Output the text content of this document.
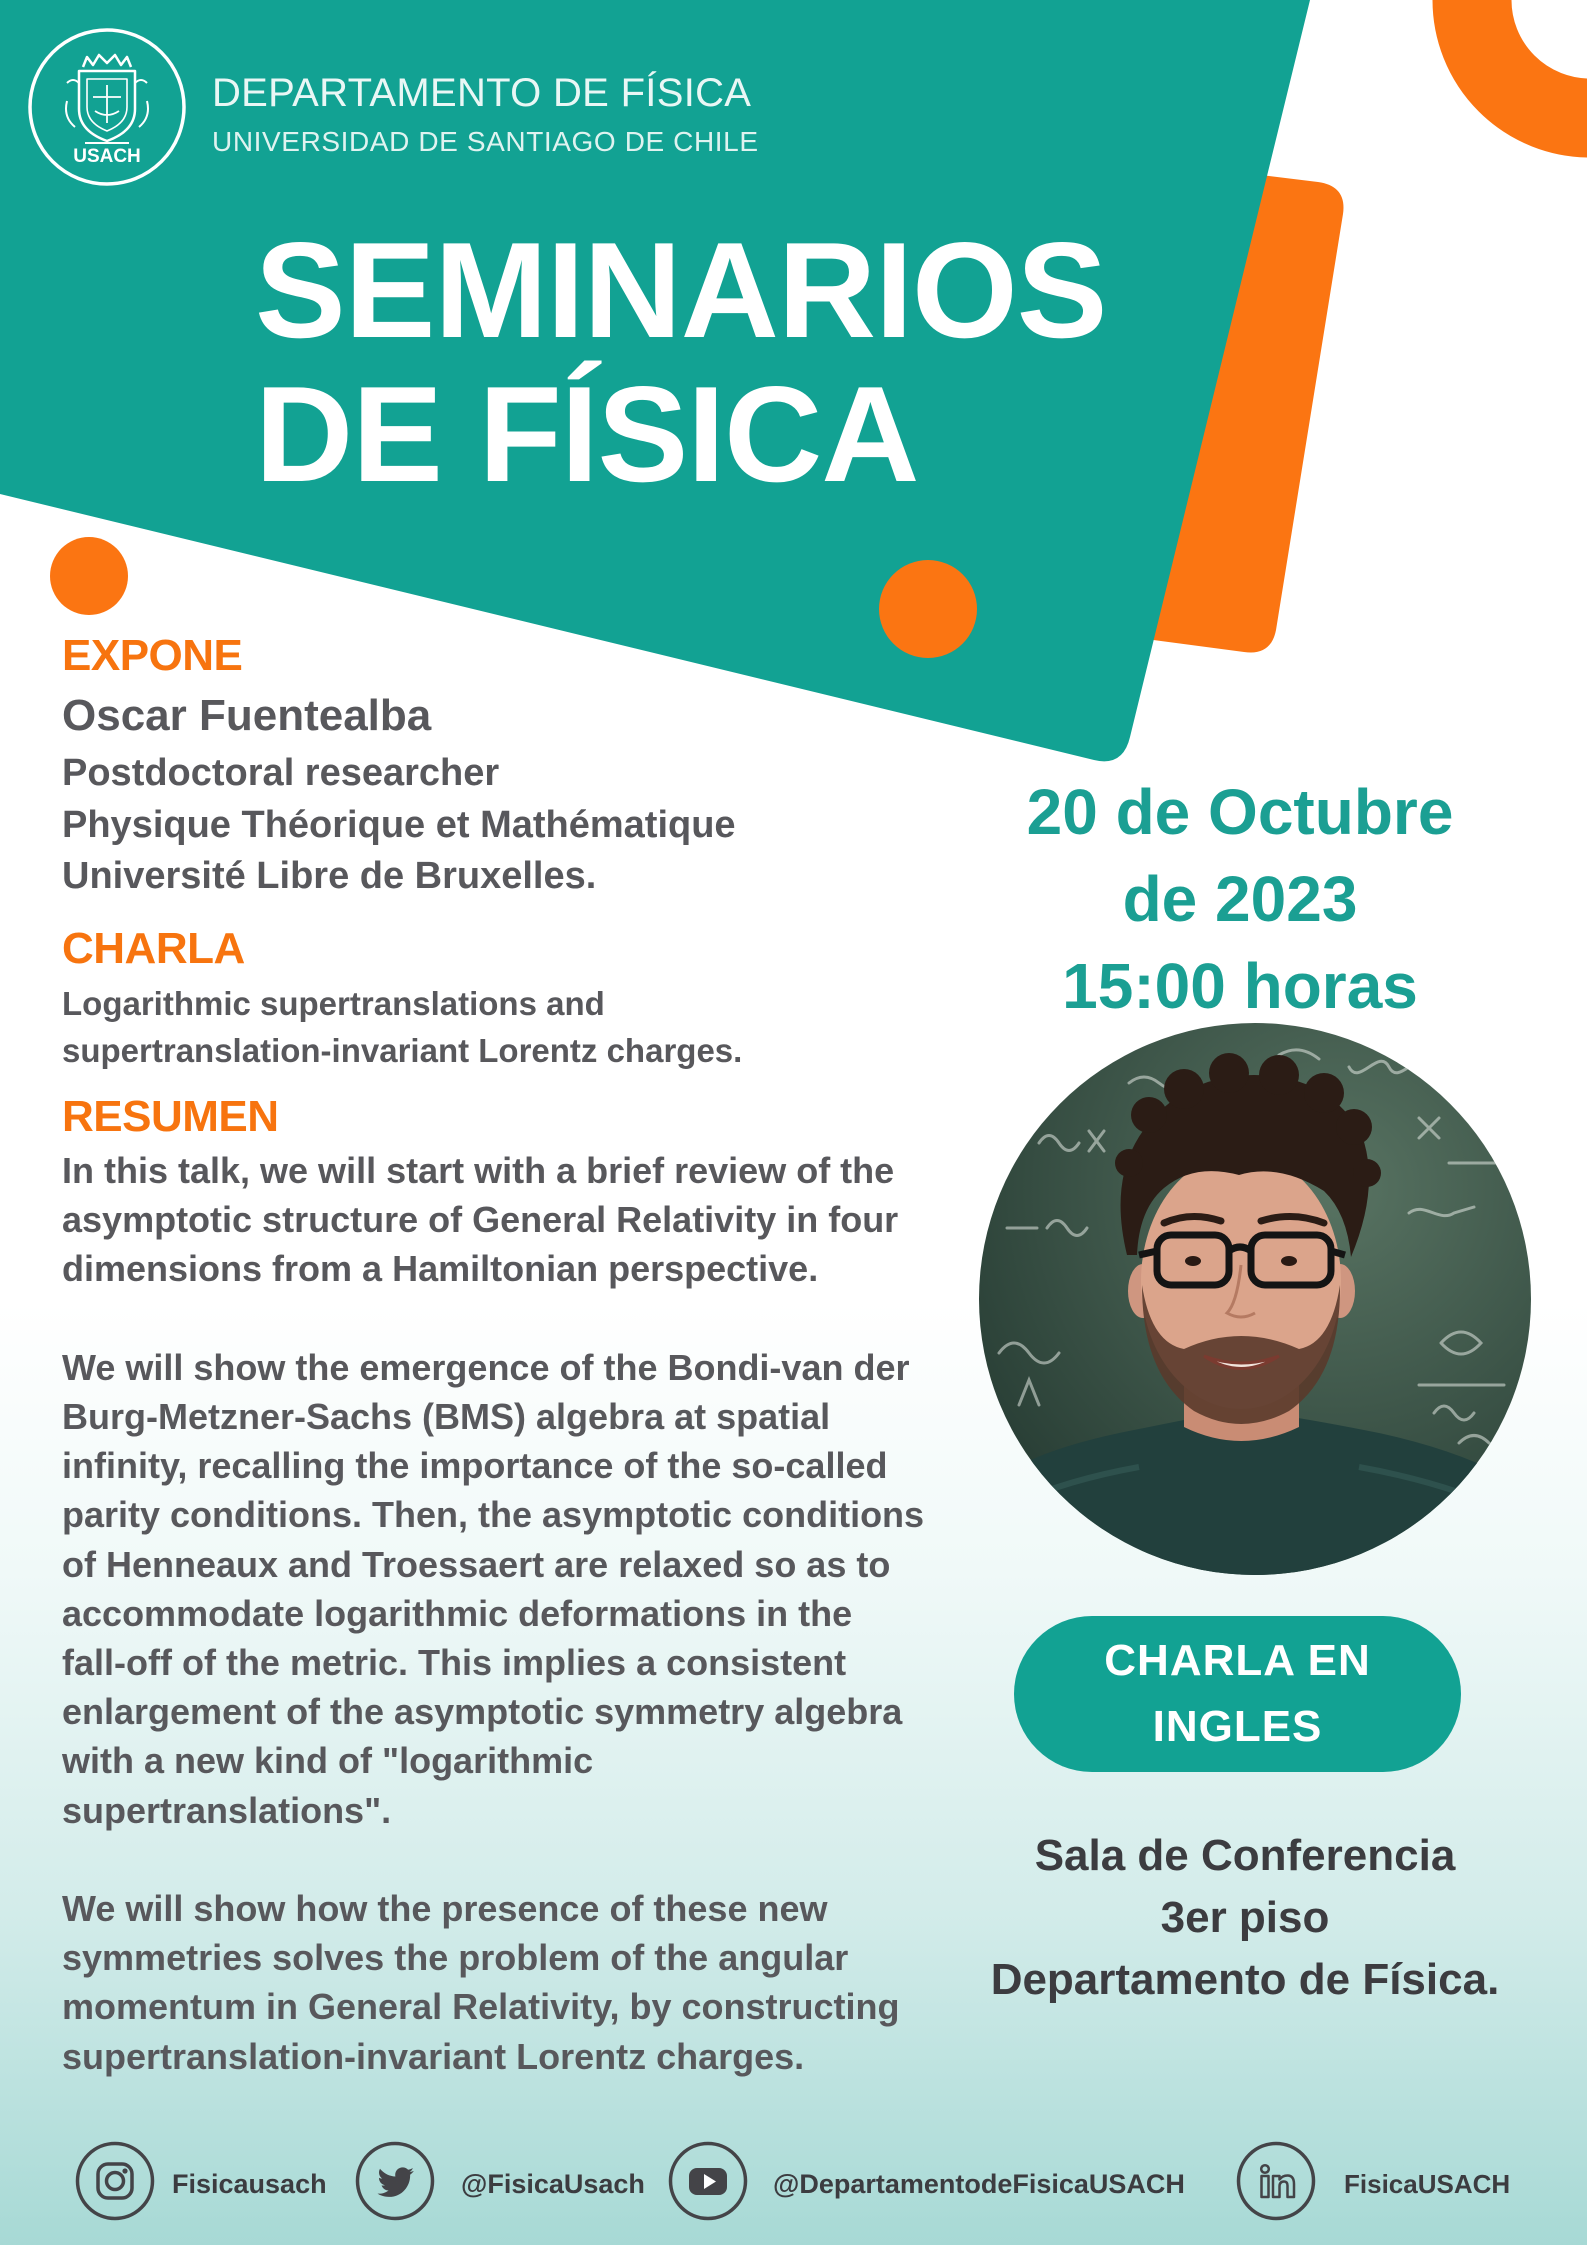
USACH
DEPARTAMENTO DE FÍSICA
UNIVERSIDAD DE SANTIAGO DE CHILE
SEMINARIOS
DE FÍSICA
EXPONE
Oscar Fuentealba
Postdoctoral researcher
Physique Théorique et Mathématique
Université Libre de Bruxelles.
CHARLA
Logarithmic supertranslations and
supertranslation-invariant Lorentz charges.
RESUMEN
In this talk, we will start with a brief review of the
asymptotic structure of General Relativity in four
dimensions from a Hamiltonian perspective.
We will show the emergence of the Bondi-van der
Burg-Metzner-Sachs (BMS) algebra at spatial
infinity, recalling the importance of the so-called
parity conditions. Then, the asymptotic conditions
of Henneaux and Troessaert are relaxed so as to
accommodate logarithmic deformations in the
fall-off of the metric. This implies a consistent
enlargement of the asymptotic symmetry algebra
with a new kind of "logarithmic
supertranslations".
We will show how the presence of these new
symmetries solves the problem of the angular
momentum in General Relativity, by constructing
supertranslation-invariant Lorentz charges.
20 de Octubre
de 2023
15:00 horas
CHARLA EN
INGLES
Sala de Conferencia
3er piso
Departamento de Física.
Fisicausach	@FisicaUsach	@DepartamentodeFisicaUSACH	FisicaUSACH
